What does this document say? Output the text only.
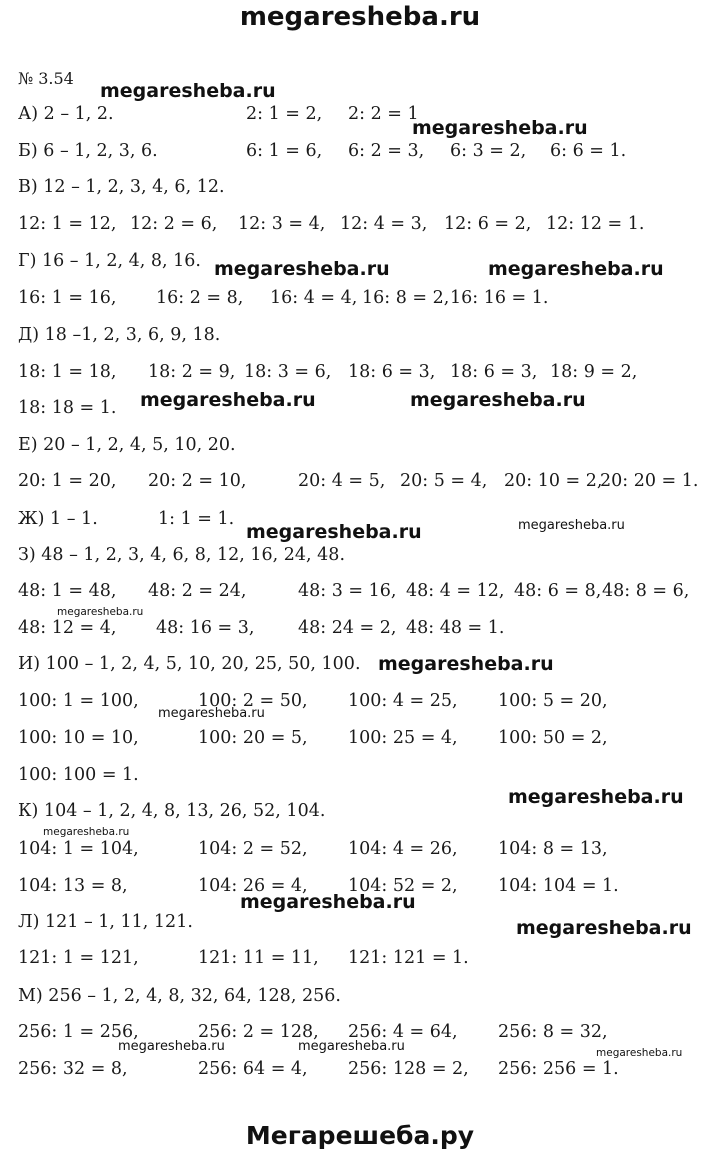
megaresheba.ru
№ 3.54
А) 2 – 1, 2.	2: 1 = 2, 2: 2 = 1
Б) 6 – 1, 2, 3, 6.	6: 1 = 6, 6: 2 = 3, 6: 3 = 2, 6: 6 = 1.
В) 12 – 1, 2, 3, 4, 6, 12.
12: 1 = 12, 12: 2 = 6, 12: 3 = 4, 12: 4 = 3, 12: 6 = 2, 12: 12 = 1.
Г) 16 – 1, 2, 4, 8, 16.
16: 1 = 16, 16: 2 = 8, 16: 4 = 4, 16: 8 = 2, 16: 16 = 1.
Д) 18 –1, 2, 3, 6, 9, 18.
18: 1 = 18, 18: 2 = 9, 18: 3 = 6, 18: 6 = 3, 18: 6 = 3, 18: 9 = 2,
18: 18 = 1.
Е) 20 – 1, 2, 4, 5, 10, 20.
20: 1 = 20, 20: 2 = 10,	20: 4 = 5, 20: 5 = 4, 20: 10 = 2,
20: 20 = 1.
Ж) 1 – 1.	1: 1 = 1.
З) 48 – 1, 2, 3, 4, 6, 8, 12, 16, 24, 48.
48: 1 = 48, 48: 2 = 24,	48: 3 = 16, 48: 4 = 12, 48: 6 = 8, 48: 8 = 6,
48: 12 = 4, 48: 16 = 3, 48: 24 = 2, 48: 48 = 1.
И) 100 – 1, 2, 4, 5, 10, 20, 25, 50, 100.
100: 1 = 100,	100: 2 = 50, 100: 4 = 25, 100: 5 = 20,
100: 10 = 10,	100: 20 = 5, 100: 25 = 4, 100: 50 = 2,
100: 100 = 1.
К) 104 – 1, 2, 4, 8, 13, 26, 52, 104.
104: 1 = 104,	104: 2 = 52, 104: 4 = 26, 104: 8 = 13,
104: 13 = 8,	104: 26 = 4, 104: 52 = 2, 104: 104 = 1.
Л) 121 – 1, 11, 121.
121: 1 = 121,	121: 11 = 11, 121: 121 = 1.
М) 256 – 1, 2, 4, 8, 32, 64, 128, 256.
256: 1 = 256,	256: 2 = 128, 256: 4 = 64, 256: 8 = 32,
256: 32 = 8,	256: 64 = 4, 256: 128 = 2, 256: 256 = 1.
megaresheba.ru
megaresheba.ru
megaresheba.ru	megaresheba.ru
megaresheba.ru	megaresheba.ru
megaresheba.ru	megaresheba.ru
megaresheba.ru
megaresheba.ru
megaresheba.ru
megaresheba.ru
megaresheba.ru
megaresheba.ru
megaresheba.ru
megaresheba.ru	megaresheba.ru	megaresheba.ru
Мегарешеба.ру
